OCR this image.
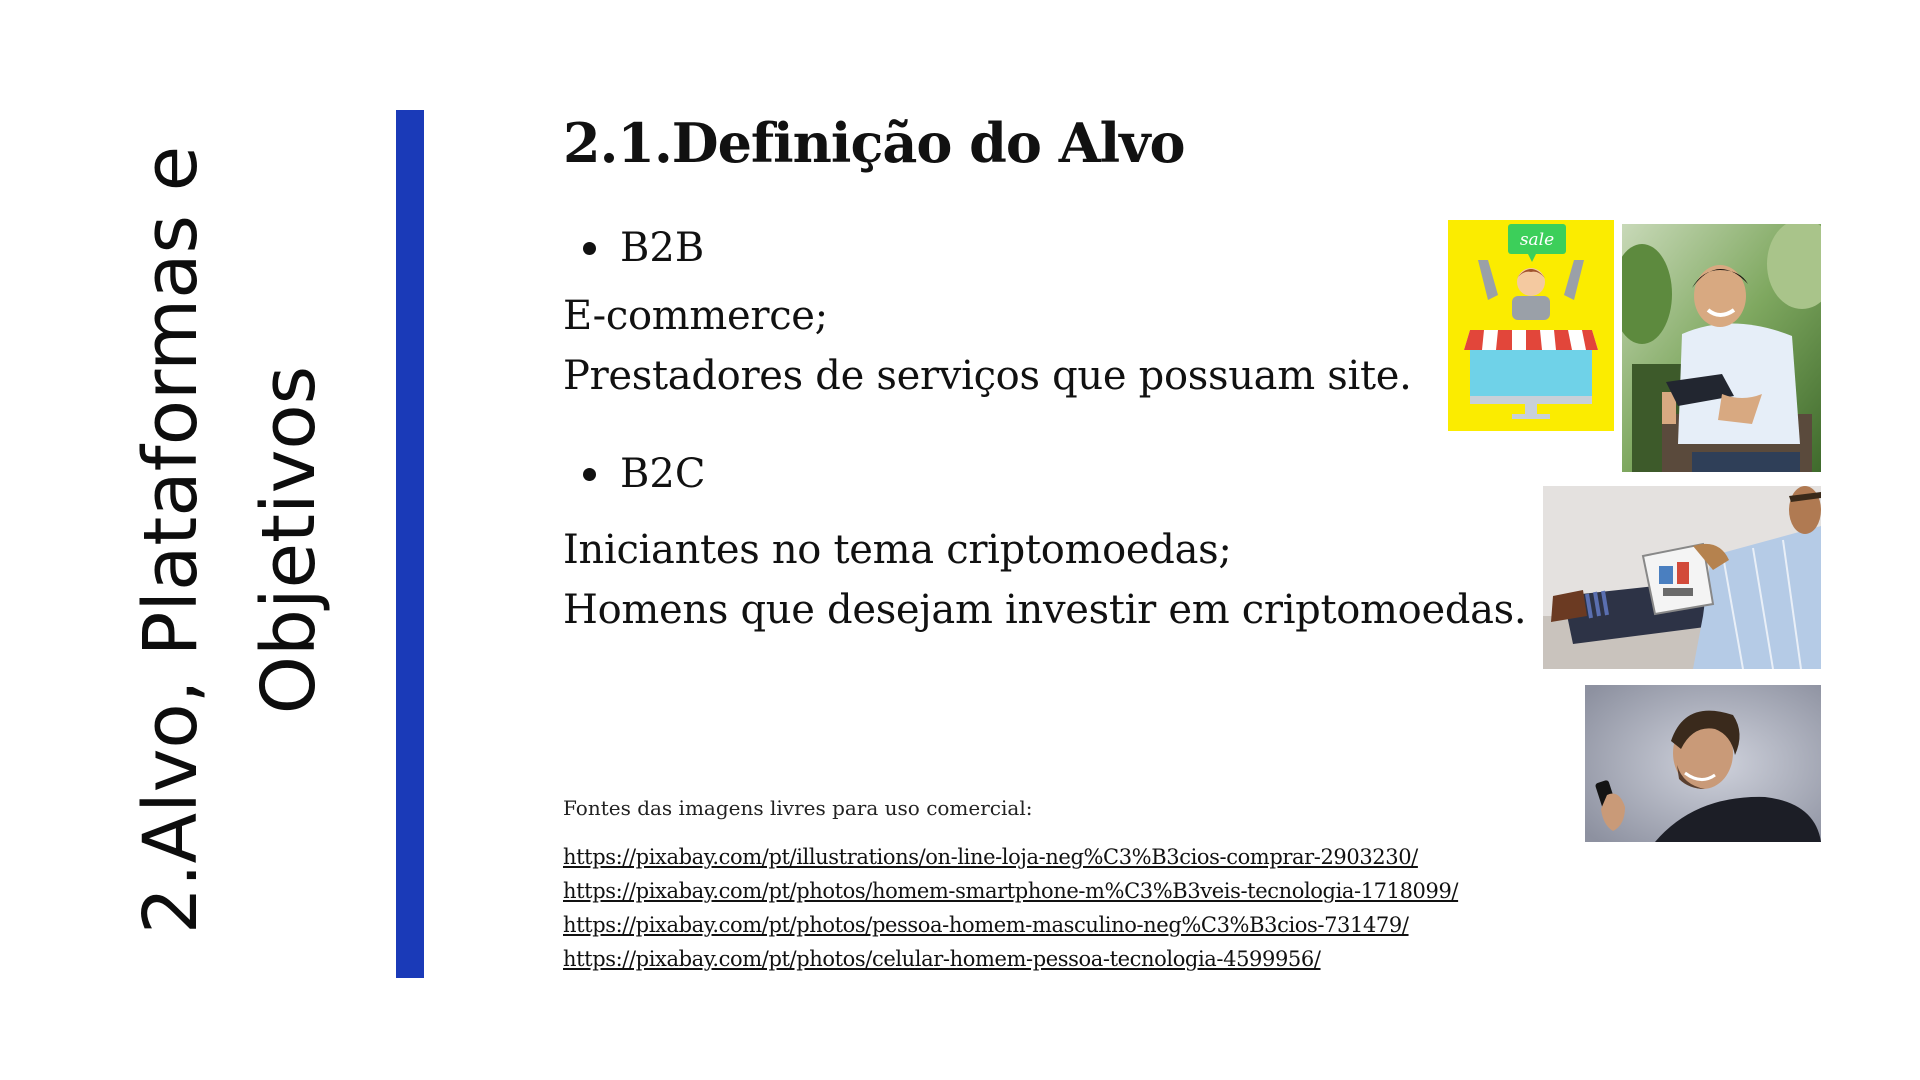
2.Alvo, Plataformas e Objetivos
2.1.Definição do Alvo
B2B
E-commerce;
Prestadores de serviços que possuam site.
B2C
Iniciantes no tema criptomoedas;
Homens que desejam investir em criptomoedas.
Fontes das imagens livres para uso comercial:
https://pixabay.com/pt/illustrations/on-line-loja-neg%C3%B3cios-comprar-2903230/
https://pixabay.com/pt/photos/homem-smartphone-m%C3%B3veis-tecnologia-1718099/
https://pixabay.com/pt/photos/pessoa-homem-masculino-neg%C3%B3cios-731479/
https://pixabay.com/pt/photos/celular-homem-pessoa-tecnologia-4599956/
sale
